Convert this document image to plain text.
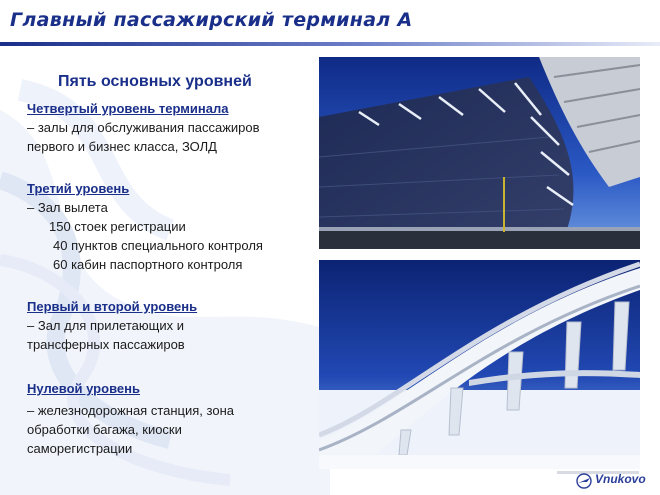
Главный пассажирский терминал А
Пять основных уровней
Четвертый уровень терминала
– залы для обслуживания пассажиров
первого и бизнес класса, ЗОЛД
Третий уровень
– Зал вылета
150 стоек регистрации
40 пунктов специального контроля
60 кабин паспортного контроля
Первый и второй уровень
– Зал для прилетающих и
трансферных пассажиров
Нулевой уровень
– железнодорожная станция, зона
обработки багажа, киоски
саморегистрации
Vnukovo
